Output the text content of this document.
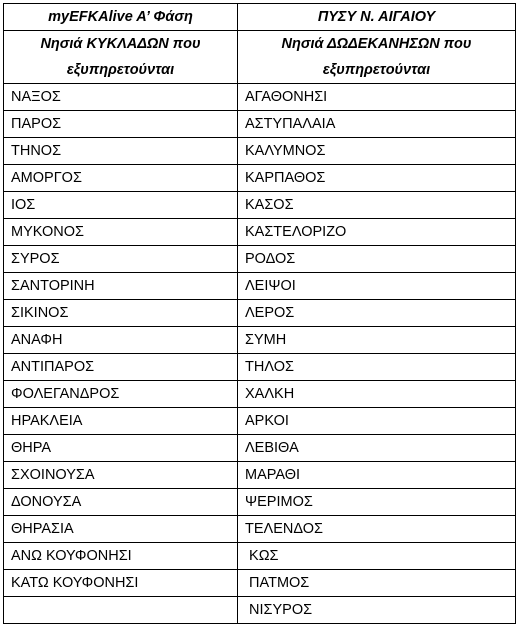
myEFKAlive A’ Φάση	ΠΥΣΥ Ν. ΑΙΓΑΙΟΥ

Νησιά ΚΥΚΛΑΔΩΝ που
εξυπηρετούνται	Νησιά ΔΩΔΕΚΑΝΗΣΩΝ που
εξυπηρετούνται

ΝΑΞΟΣ	ΑΓΑΘΟΝΗΣΙ
ΠΑΡΟΣ	ΑΣΤΥΠΑΛΑΙΑ
ΤΗΝΟΣ	ΚΑΛΥΜΝΟΣ
ΑΜΟΡΓΟΣ	ΚΑΡΠΑΘΟΣ
ΙΟΣ	ΚΑΣΟΣ
ΜΥΚΟΝΟΣ	ΚΑΣΤΕΛΟΡΙΖΟ
ΣΥΡΟΣ	ΡΟΔΟΣ
ΣΑΝΤΟΡΙΝΗ	ΛΕΙΨΟΙ
ΣΙΚΙΝΟΣ	ΛΕΡΟΣ
ΑΝΑΦΗ	ΣΥΜΗ
ΑΝΤΙΠΑΡΟΣ	ΤΗΛΟΣ
ΦΟΛΕΓΑΝΔΡΟΣ	ΧΑΛΚΗ
ΗΡΑΚΛΕΙΑ	ΑΡΚΟΙ
ΘΗΡΑ	ΛΕΒΙΘΑ
ΣΧΟΙΝΟΥΣΑ	ΜΑΡΑΘΙ
ΔΟΝΟΥΣΑ	ΨΕΡΙΜΟΣ
ΘΗΡΑΣΙΑ	ΤΕΛΕΝΔΟΣ
ΑΝΩ ΚΟΥΦΟΝΗΣΙ	ΚΩΣ
ΚΑΤΩ ΚΟΥΦΟΝΗΣΙ	ΠΑΤΜΟΣ
	ΝΙΣΥΡΟΣ
